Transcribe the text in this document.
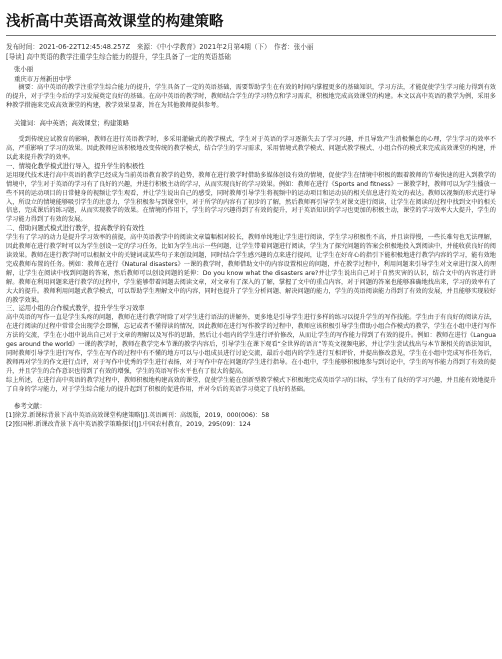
浅析高中英语高效课堂的构建策略
发布时间：2021-06-22T12:45:48.257Z　来源：《中小学教育》2021年2月第4期（下）　作者：张小丽
[导读] 高中英语的教学注重学生综合能力的提升，学生具备了一定的英语基础
张小丽
重庆市万州新田中学

摘要：高中英语的教学注重学生综合能力的提升，学生具备了一定的英语基础，需要帮助学生在有效的时间内掌握更多的基础知识，学习方法，才能促使学生学习能力得到有效的提升，对于学生今后的学习发展奠定良好的基础。在高中英语的教学时，教师结合学生的学习特点和学习需求，积极地完成高效课堂的构建。本文以高中英语的教学为例，采用多种教学措施来完成高效课堂的构建，教学效果显著，旨在为其他教师提供参考。

关键词：高中英语；高效课堂；构建策略

受到传统应试教育的影响，教师在进行英语教学时，多采用灌输式的教学模式，学生对于英语的学习逐渐失去了学习兴趣，并且导致产生消极懈怠的心理，学生学习的效率不高，严重影响了学习的效果。因此教师应该积极地改变传统的教学模式，结合学生的学习需求，采用情境式教学模式、问题式教学模式、小组合作的模式来完成高效课堂的构建，并以此来提升教学的效率。

一、情境化教学模式进行导入，提升学生的积极性

运用现代技术进行高中英语的教学已经成为当前英语教育教学的趋势，教师在进行教学时借助多媒体创设有效的情境，促使学生在情境中积极的跟着教师的节奏快速的进入到教学的情境中，学生对于英语的学习有了良好的兴趣，并进行积极主动的学习，从而实现良好的学习效果。例如：教师在进行《Sports and fitness》一课教学时，教师可以为学生播放一些不同的运动项目的日常健身的视频让学生观看，并让学生说出自己的感受，同时教师引导学生将视频中的运动项目和运动员的相关信息进行英文的表达。教师以视频的形式进行导入，所设立的情境能够吸引学生的注意力，学生积极参与到课堂中，对于所学的内容有了初步的了解，然后教师再引导学生对课文进行阅读，让学生在阅读的过程中找到文中的相关信息，完成课后的练习题，从而实现教学的效果。在情境的作用下，学生的学习兴趣得到了有效的提升，对于英语知识的学习也更加的积极主动，课堂的学习效率大大提升，学生的学习能力得到了有效的发展。

二、借助问题式模式进行教学，提高教学的有效性

学生有了学习的动力是提升学习效率的前提，高中英语教学中的阅读文章篇幅相对较长，教师单纯地让学生进行阅读，学生学习积极性不高，并且读得慢，一些长难句也无法理解，因此教师在进行教学时可以为学生创设一定的学习任务，比如为学生出示一些问题，让学生带着问题进行阅读，学生为了探究问题的答案会积极地投入到阅读中，并能收获良好的阅读效果。教师在进行教学时可以根据文中的关键词或某些句子来创设问题，同时结合学生感兴趣的点来进行提问，让学生在好奇心的指引下能积极地进行教学内容的学习，能有效地完成教师布置的任务。例如：教师在进行《Natural disasters》一课的教学时，教师借助文中的内容设置相应的问题，并在教学过程中，利用问题来引导学生对文章进行深入的理解，让学生在阅读中找到问题的答案，然后教师可以创设问题的延伸：Do you know what the disasters are?并让学生说出自己对于自然灾害的认识，结合文中的内容进行讲解。教师在利用问题来进行教学的过程中，学生能够带着问题去阅读文章，对文章有了深入的了解，掌握了文中的重点内容，对于问题的答案也能够准确地找出来，学习的效率有了大大的提升。教师利用问题式教学模式，可以帮助学生理解文中的内容，同时也提升了学生分析问题、解决问题的能力，学生的英语阅读能力得到了有效的发展，并且能够实现较好的教学效果。

三、运用小组的合作模式教学，提升学生学习效率

高中英语的写作一直是学生头疼的问题，教师在进行教学时除了对学生进行语法的讲解外，更多地是引导学生进行多样的练习以提升学生的写作技能。学生由于有良好的阅读方法，在进行阅读的过程中常常会出现学会即懈，忘记或者不懂得读的情况，因此教师在进行写作教学的过程中，教师应该积极引导学生借助小组合作模式的教学，学生在小组中进行写作方法的交流，学生在小组中说出自己对于文章的理解以及写作的思路，然后让小组内的学生进行评价修改，从而让学生的写作能力得到了有效的提升。例如：教师在进行《Languages around the world》一课的教学时，教师在教学完本节课的教学内容后，引导学生在课下观看“全世界的语言”等英文视频电影，并让学生尝试找出与本节课相关的语法知识，同时教师引导学生进行写作，学生在写作的过程中有不懂的地方可以与小组成员进行讨论交流，最后小组内的学生进行互相评价，并提出修改意见，学生在小组中完成写作任务后，教师再对学生的作文进行点评，对于写作中优秀的学生进行表扬，对于写作中存在问题的学生进行指导。在小组中，学生能够积极地参与到讨论中，学生的写作能力得到了有效的提升，并且学生的合作意识也得到了有效的增强，学生的英语写作水平也有了很大的提高。

综上所述，在进行高中英语的教学过程中，教师积极地构建高效的课堂，促使学生能在创新型教学模式下积极地完成英语学习的目标，学生有了良好的学习兴趣，并且能有效地提升了自身的学习能力，对于学生综合能力的提升起到了积极的促进作用，并对今后的英语学习奠定了良好的基础。

参考文献：
[1]徐芳.新课标背景下高中英语高效课堂构建策略[J].英语画刊：高级版，2019，000(006)：58
[2]张国彬.新课改背景下高中英语教学策略探讨[J].中国农村教育，2019，295(09)：124
